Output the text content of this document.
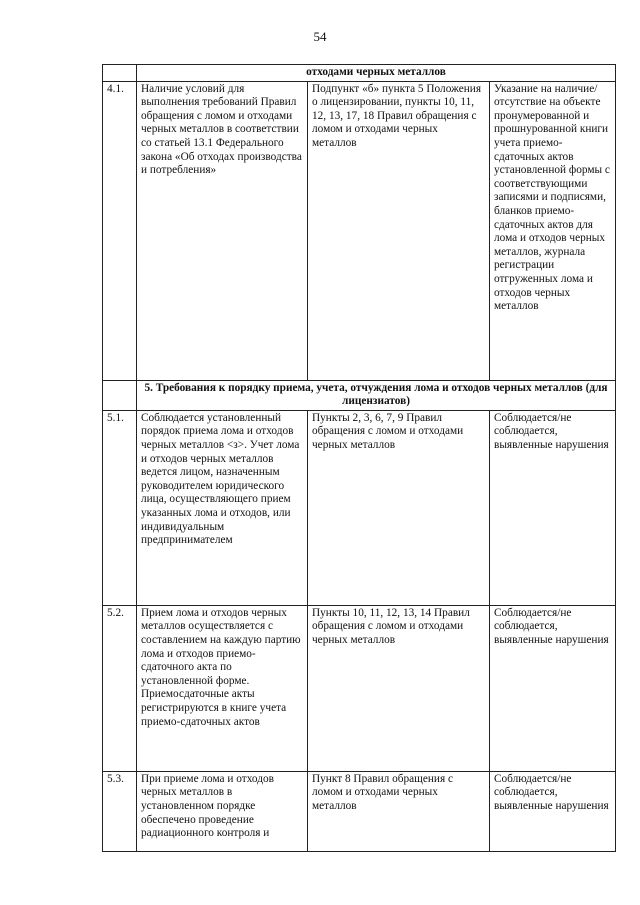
54
	отходами черных металлов		
4.1.	Наличие условий для выполнения требований Правил обращения с ломом и отходами черных металлов в соответствии со статьей 13.1 Федерального закона «Об отходах производства и потребления»	Подпункт «б» пункта 5 Положения о лицензировании, пункты 10, 11, 12, 13, 17, 18 Правил обращения с ломом и отходами черных металлов	Указание на наличие/отсутствие на объекте пронумерованной и прошнурованной книги учета приемо-сдаточных актов установленной формы с соответствующими записями и подписями, бланков приемо-сдаточных актов для лома и отходов черных металлов, журнала регистрации отгруженных лома и отходов черных металлов
	5. Требования к порядку приема, учета, отчуждения лома и отходов черных металлов (для лицензиатов)		
5.1.	Соблюдается установленный порядок приема лома и отходов черных металлов <з>. Учет лома и отходов черных металлов ведется лицом, назначенным руководителем юридического лица, осуществляющего прием указанных лома и отходов, или индивидуальным предпринимателем	Пункты 2, 3, 6, 7, 9 Правил обращения с ломом и отходами черных металлов	Соблюдается/не соблюдается, выявленные нарушения
5.2.	Прием лома и отходов черных металлов осуществляется с составлением на каждую партию лома и отходов приемо-сдаточного акта по установленной форме. Приемосдаточные акты регистрируются в книге учета приемо-сдаточных актов	Пункты 10, 11, 12, 13, 14 Правил обращения с ломом и отходами черных металлов	Соблюдается/не соблюдается, выявленные нарушения
5.3.	При приеме лома и отходов черных металлов в установленном порядке обеспечено проведение радиационного контроля и	Пункт 8 Правил обращения с ломом и отходами черных металлов	Соблюдается/не соблюдается, выявленные нарушения
